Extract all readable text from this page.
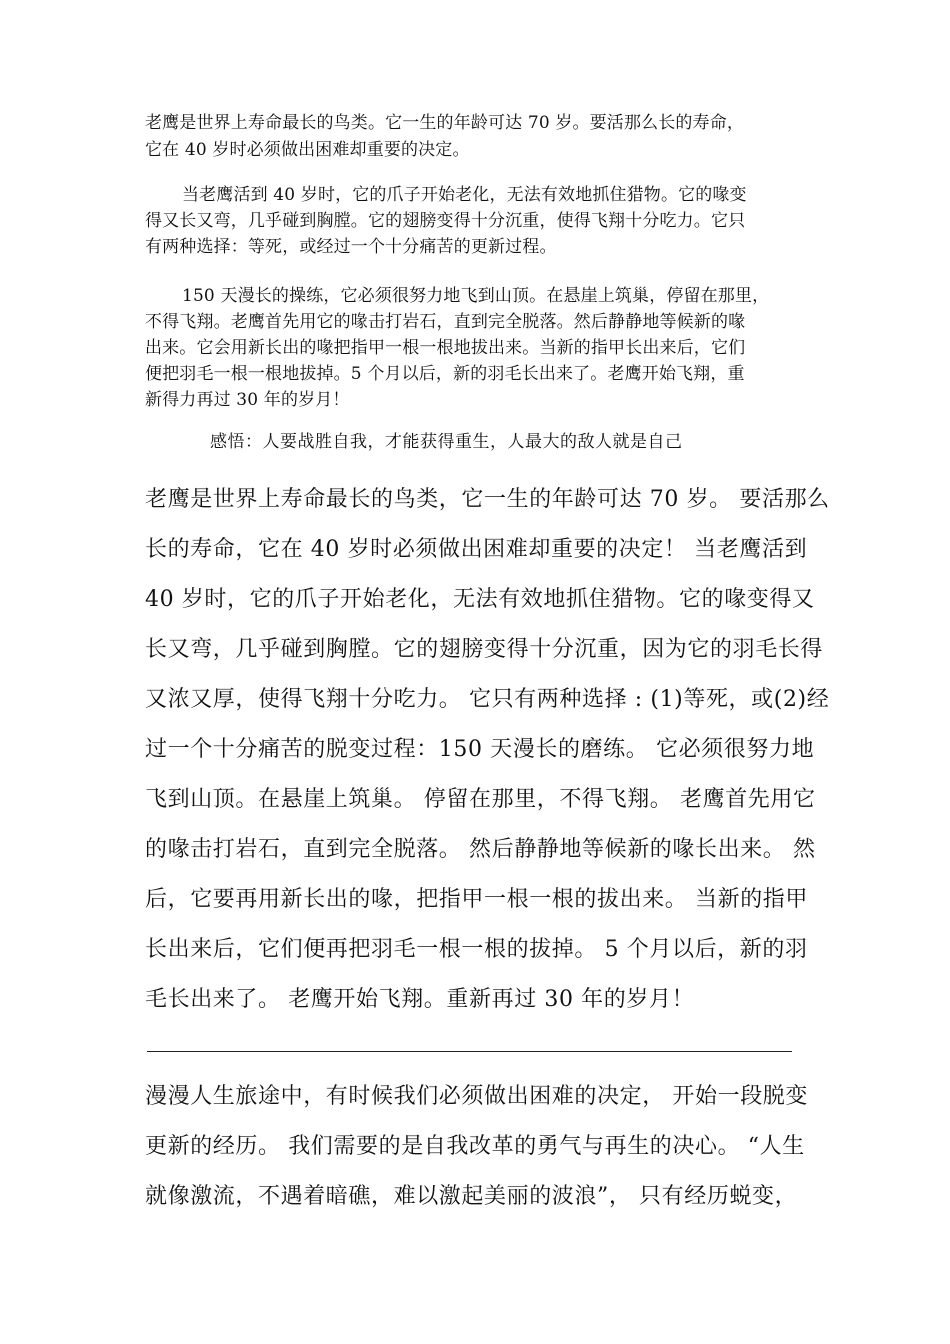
老鹰是世界上寿命最长的鸟类。它一生的年龄可达 70 岁。要活那么长的寿命，
它在 40 岁时必须做出困难却重要的决定。
当老鹰活到 40 岁时，它的爪子开始老化，无法有效地抓住猎物。它的喙变
得又长又弯，几乎碰到胸膛。它的翅膀变得十分沉重，使得飞翔十分吃力。它只
有两种选择：等死，或经过一个十分痛苦的更新过程。
150 天漫长的操练，它必须很努力地飞到山顶。在悬崖上筑巢，停留在那里，
不得飞翔。老鹰首先用它的喙击打岩石，直到完全脱落。然后静静地等候新的喙
出来。它会用新长出的喙把指甲一根一根地拔出来。当新的指甲长出来后，它们
便把羽毛一根一根地拔掉。5 个月以后，新的羽毛长出来了。老鹰开始飞翔，重
新得力再过 30 年的岁月！
感悟：人要战胜自我，才能获得重生，人最大的敌人就是自己
老鹰是世界上寿命最长的鸟类，它一生的年龄可达 70 岁。 要活那么
长的寿命，它在 40 岁时必须做出困难却重要的决定！ 当老鹰活到
40 岁时，它的爪子开始老化，无法有效地抓住猎物。它的喙变得又
长又弯，几乎碰到胸膛。它的翅膀变得十分沉重，因为它的羽毛长得
又浓又厚，使得飞翔十分吃力。 它只有两种选择 : (1)等死，或(2)经
过一个十分痛苦的脱变过程：150 天漫长的磨练。 它必须很努力地
飞到山顶。在悬崖上筑巢。 停留在那里，不得飞翔。 老鹰首先用它
的喙击打岩石，直到完全脱落。 然后静静地等候新的喙长出来。 然
后，它要再用新长出的喙，把指甲一根一根的拔出来。 当新的指甲
长出来后，它们便再把羽毛一根一根的拔掉。 5 个月以后，新的羽
毛长出来了。 老鹰开始飞翔。重新再过 30 年的岁月！
漫漫人生旅途中，有时候我们必须做出困难的决定， 开始一段脱变
更新的经历。 我们需要的是自我改革的勇气与再生的决心。 “人生
就像激流，不遇着暗礁，难以激起美丽的波浪”， 只有经历蜕变，
